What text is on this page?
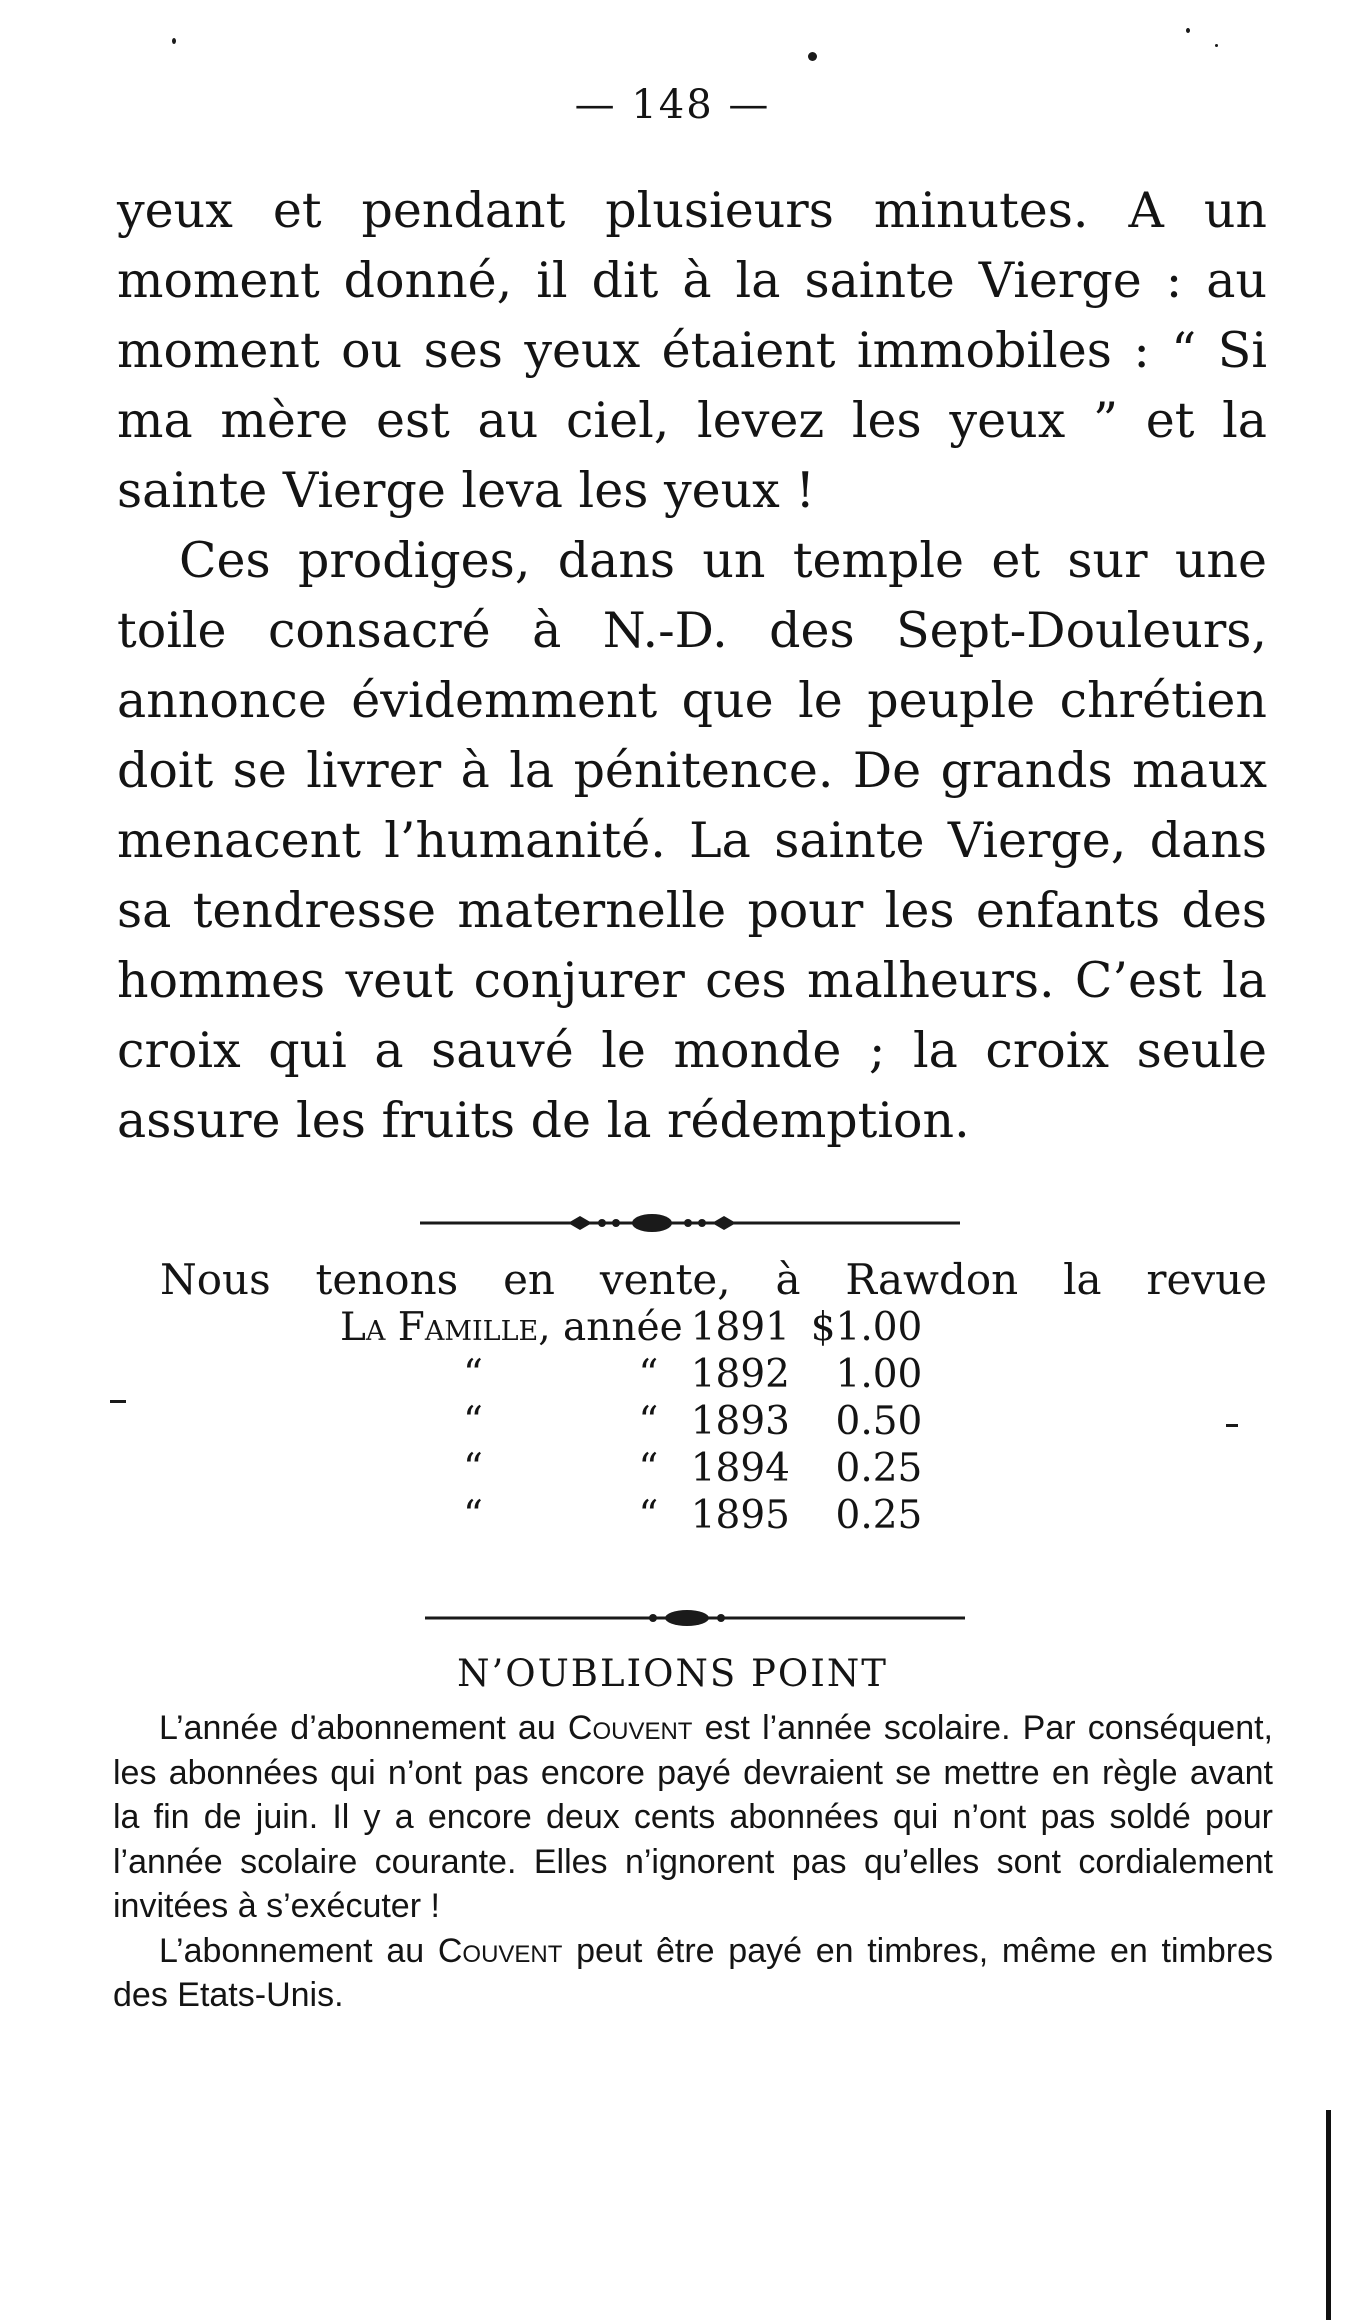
— 148 —

yeux et pendant plusieurs minutes. A un moment donné, il dit à la sainte Vierge : au moment ou ses yeux étaient immobiles : “ Si ma mère est au ciel, levez les yeux ” et la sainte Vierge leva les yeux !

Ces prodiges, dans un temple et sur une toile consacré à N.-D. des Sept-Douleurs, annonce évidemment que le peuple chrétien doit se livrer à la pénitence. De grands maux menacent l’humanité. La sainte Vierge, dans sa tendresse maternelle pour les enfants des hommes veut conjurer ces malheurs. C’est la croix qui a sauvé le monde ; la croix seule assure les fruits de la rédemption.

Nous tenons en vente, à Rawdon la revue
La Famille, année		1891	$1.00
“	“	1892	1.00
“	“	1893	0.50
“	“	1894	0.25
“	“	1895	0.25
N’OUBLIONS POINT

L’année d’abonnement au Couvent est l’année scolaire. Par conséquent, les abonnées qui n’ont pas encore payé devraient se mettre en règle avant la fin de juin. Il y a encore deux cents abonnées qui n’ont pas soldé pour l’année scolaire courante. Elles n’ignorent pas qu’elles sont cordialement invitées à s’exécuter !

L’abonnement au Couvent peut être payé en timbres, même en timbres des Etats-Unis.
